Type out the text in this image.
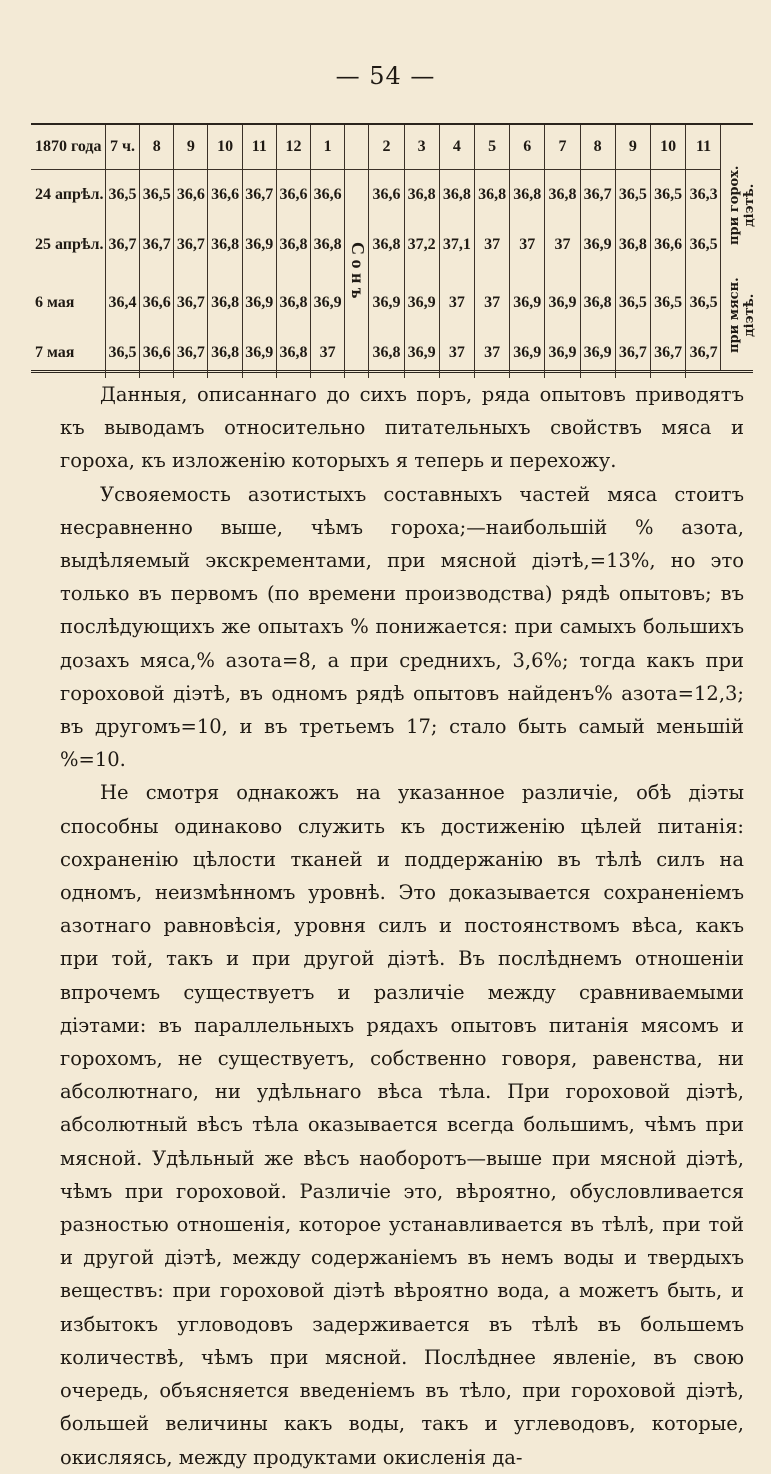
— 54 —
1870 года	7 ч.	8	9	10	11	12	1		2	3	4	5	6	7	8	9	10	11
24 апрѣл.	36,5	36,5	36,6	36,6	36,7	36,6	36,6	С о н ъ	36,6	36,8	36,8	36,8	36,8	36,8	36,7	36,5	36,5	36,3
25 апрѣл.	36,7	36,7	36,7	36,8	36,9	36,8	36,8		36,8	37,2	37,1	37	37	37	36,9	36,8	36,6	36,5

6 мая	36,4	36,6	36,7	36,8	36,9	36,8	36,9		36,9	36,9	37	37	36,9	36,9	36,8	36,5	36,5	36,5
7 мая	36,5	36,6	36,7	36,8	36,9	36,8	37		36,8	36,9	37	37	36,9	36,9	36,9	36,7	36,7	36,7
при горох. діэтѣ.
при мясн. діэтѣ.

Данныя, описаннаго до сихъ поръ, ряда опытовъ приводятъ къ выводамъ относительно питательныхъ свойствъ мяса и гороха, къ изложенію которыхъ я теперь и перехожу.

Усвояемость азотистыхъ составныхъ частей мяса стоитъ несравненно выше, чѣмъ гороха;—наибольшій % азота, выдѣляемый экскрементами, при мясной діэтѣ,=13%, но это только въ первомъ (по времени производства) рядѣ опытовъ; въ послѣдующихъ же опытахъ % понижается: при самыхъ большихъ дозахъ мяса,% азота=8, а при среднихъ, 3,6%; тогда какъ при гороховой діэтѣ, въ одномъ рядѣ опытовъ найденъ% азота=12,3; въ другомъ=10, и въ третьемъ 17; стало быть самый меньшій %=10.

Не смотря однакожъ на указанное различіе, обѣ діэты способны одинаково служить къ достиженію цѣлей питанія: сохраненію цѣлости тканей и поддержанію въ тѣлѣ силъ на одномъ, неизмѣнномъ уровнѣ. Это доказывается сохраненіемъ азотнаго равновѣсія, уровня силъ и постоянствомъ вѣса, какъ при той, такъ и при другой діэтѣ. Въ послѣднемъ отношеніи впрочемъ существуетъ и различіе между сравниваемыми діэтами: въ параллельныхъ рядахъ опытовъ питанія мясомъ и горохомъ, не существуетъ, собственно говоря, равенства, ни абсолютнаго, ни удѣльнаго вѣса тѣла. При гороховой діэтѣ, абсолютный вѣсъ тѣла оказывается всегда большимъ, чѣмъ при мясной. Удѣльный же вѣсъ наоборотъ—выше при мясной діэтѣ, чѣмъ при гороховой. Различіе это, вѣроятно, обусловливается разностью отношенія, которое устанавливается въ тѣлѣ, при той и другой діэтѣ, между содержаніемъ въ немъ воды и твердыхъ веществъ: при гороховой діэтѣ вѣроятно вода, а можетъ быть, и избытокъ угловодовъ задерживается въ тѣлѣ въ большемъ количествѣ, чѣмъ при мясной. Послѣднее явленіе, въ свою очередь, объясняется введеніемъ въ тѣло, при гороховой діэтѣ, большей величины какъ воды, такъ и углеводовъ, которые, окисляясь, между продуктами окисленія да-
